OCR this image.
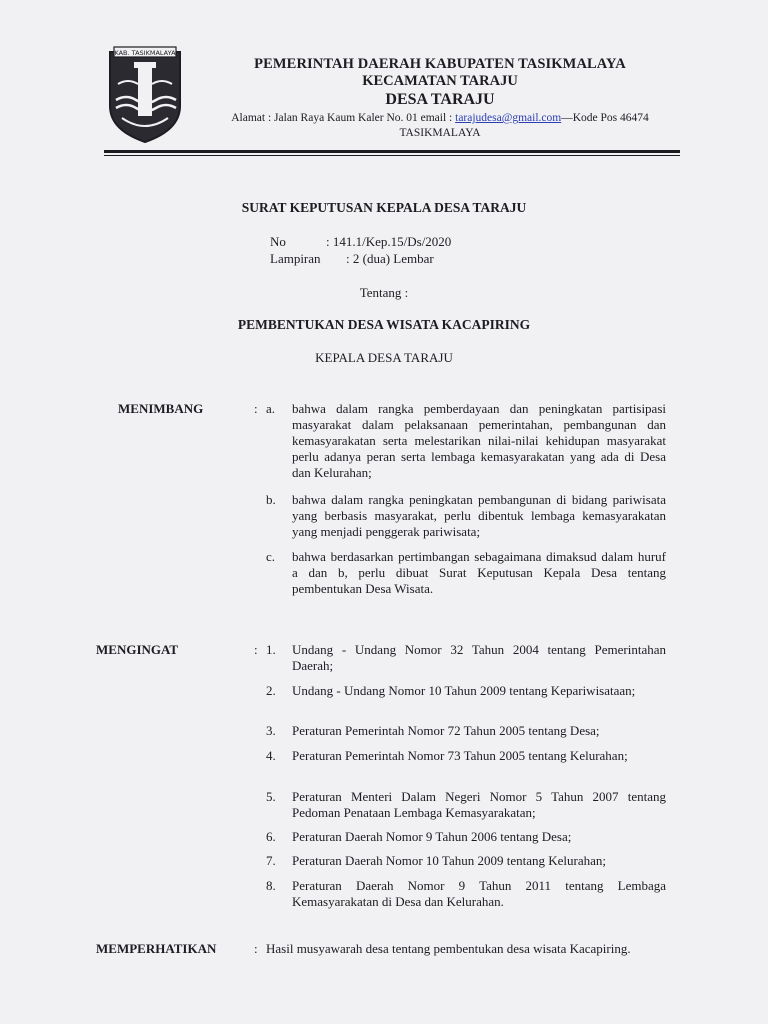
KAB. TASIKMALAYA
PEMERINTAH DAERAH KABUPATEN TASIKMALAYA
KECAMATAN TARAJU
DESA TARAJU
Alamat : Jalan Raya Kaum Kaler No. 01 email : tarajudesa@gmail.com—Kode Pos 46474
TASIKMALAYA
SURAT KEPUTUSAN KEPALA DESA TARAJU
No	: 141.1/Kep.15/Ds/2020
Lampiran : 2 (dua) Lembar
Tentang :
PEMBENTUKAN DESA WISATA KACAPIRING
KEPALA DESA TARAJU
MENIMBANG	: a. bahwa dalam rangka pemberdayaan dan peningkatan partisipasi masyarakat dalam pelaksanaan pemerintahan, pembangunan dan kemasyarakatan serta melestarikan nilai-nilai kehidupan masyarakat perlu adanya peran serta lembaga kemasyarakatan yang ada di Desa dan Kelurahan;
b. bahwa dalam rangka peningkatan pembangunan di bidang pariwisata yang berbasis masyarakat, perlu dibentuk lembaga kemasyarakatan yang menjadi penggerak pariwisata;
c. bahwa berdasarkan pertimbangan sebagaimana dimaksud dalam huruf a dan b, perlu dibuat Surat Keputusan Kepala Desa tentang pembentukan Desa Wisata.
MENGINGAT	: 1. Undang - Undang Nomor 32 Tahun 2004 tentang Pemerintahan Daerah;
2. Undang - Undang Nomor 10 Tahun 2009 tentang Kepariwisataan;
3. Peraturan Pemerintah Nomor 72 Tahun 2005 tentang Desa;
4. Peraturan Pemerintah Nomor 73 Tahun 2005 tentang Kelurahan;
5. Peraturan Menteri Dalam Negeri Nomor 5 Tahun 2007 tentang Pedoman Penataan Lembaga Kemasyarakatan;
6. Peraturan Daerah Nomor 9 Tahun 2006 tentang Desa;
7. Peraturan Daerah Nomor 10 Tahun 2009 tentang Kelurahan;
8. Peraturan Daerah Nomor 9 Tahun 2011 tentang Lembaga Kemasyarakatan di Desa dan Kelurahan.
MEMPERHATIKAN	: Hasil musyawarah desa tentang pembentukan desa wisata Kacapiring.
